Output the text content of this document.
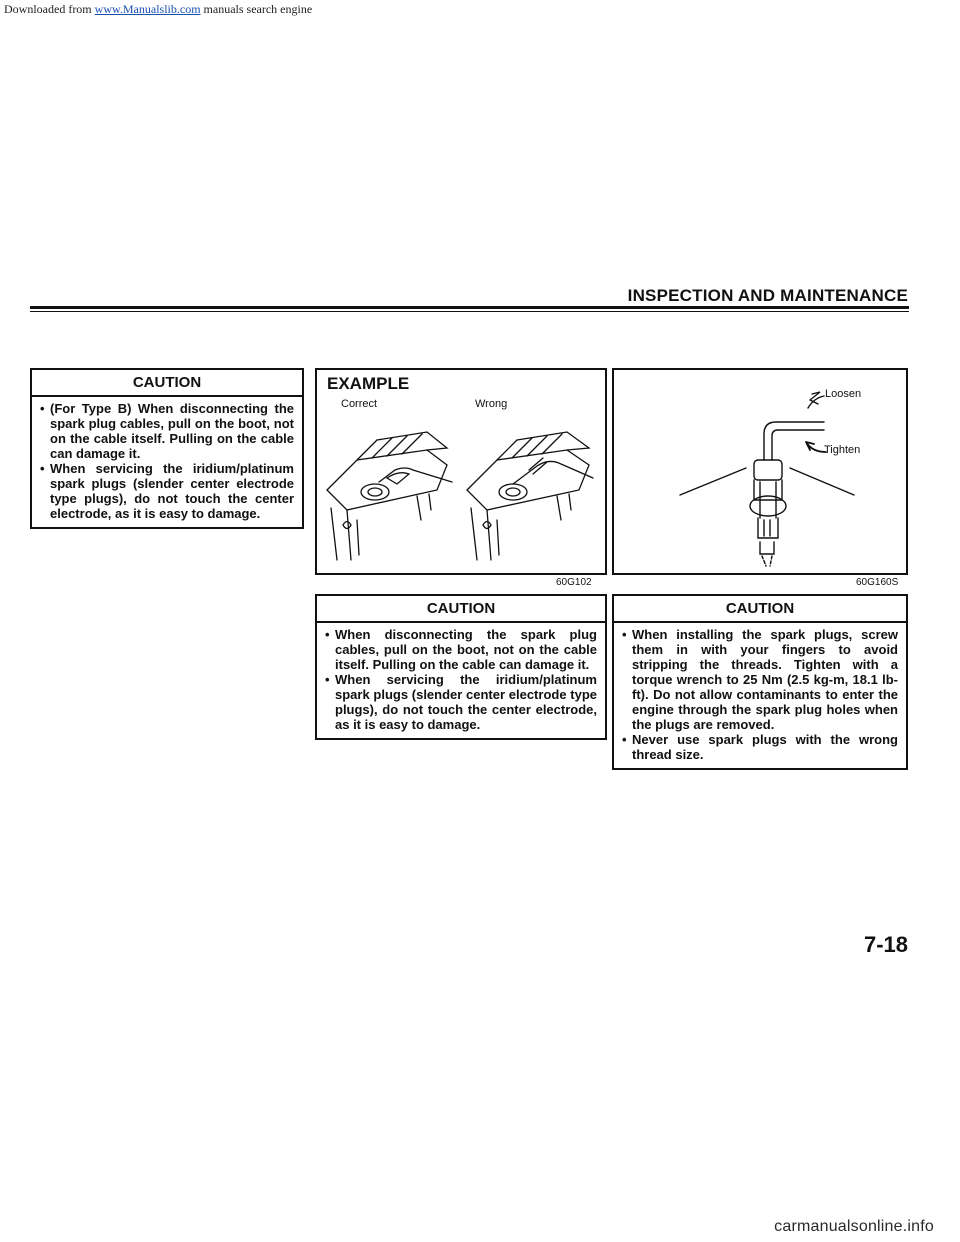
Downloaded from www.Manualslib.com manuals search engine
INSPECTION AND MAINTENANCE
CAUTION
• (For Type B) When disconnecting the spark plug cables, pull on the boot, not on the cable itself. Pulling on the cable can damage it.
• When servicing the iridium/platinum spark plugs (slender center electrode type plugs), do not touch the center electrode, as it is easy to damage.
EXAMPLE
Correct	Wrong
60G102
Loosen
Tighten
60G160S
CAUTION
• When disconnecting the spark plug cables, pull on the boot, not on the cable itself. Pulling on the cable can damage it.
• When servicing the iridium/platinum spark plugs (slender center electrode type plugs), do not touch the center electrode, as it is easy to damage.
CAUTION
• When installing the spark plugs, screw them in with your fingers to avoid stripping the threads. Tighten with a torque wrench to 25 Nm (2.5 kg-m, 18.1 lb-ft). Do not allow contaminants to enter the engine through the spark plug holes when the plugs are removed.
• Never use spark plugs with the wrong thread size.
7-18
carmanualsonline.info
